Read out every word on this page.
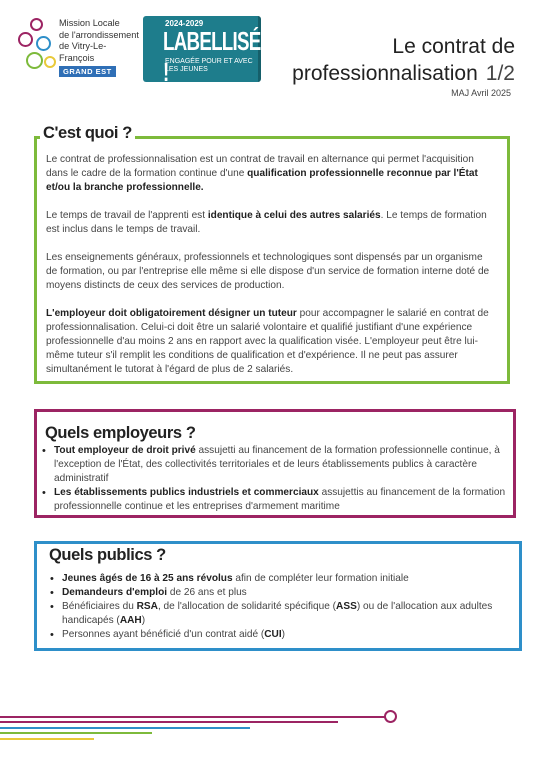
Mission Locale
de l'arrondissement
de Vitry-Le-François
GRAND EST
2024-2029
LABELLISÉE !
ENGAGÉE POUR ET AVEC
LES JEUNES
Le contrat de
professionnalisation 1/2
MAJ Avril 2025
C'est quoi ?

Le contrat de professionnalisation est un contrat de travail en alternance qui permet l'acquisition dans le cadre de la formation continue d'une qualification professionnelle reconnue par l'État et/ou la branche professionnelle.

Le temps de travail de l'apprenti est identique à celui des autres salariés. Le temps de formation est inclus dans le temps de travail.

Les enseignements généraux, professionnels et technologiques sont dispensés par un organisme de formation, ou par l'entreprise elle même si elle dispose d'un service de formation interne doté de moyens distincts de ceux des services de production.

L'employeur doit obligatoirement désigner un tuteur pour accompagner le salarié en contrat de professionnalisation. Celui-ci doit être un salarié volontaire et qualifié justifiant d'une expérience professionnelle d'au moins 2 ans en rapport avec la qualification visée. L'employeur peut être lui-même tuteur s'il remplit les conditions de qualification et d'expérience. Il ne peut pas assurer simultanément le tutorat à l'égard de plus de 2 salariés.

Quels employeurs ?
• Tout employeur de droit privé assujetti au financement de la formation professionnelle continue, à l'exception de l'État, des collectivités territoriales et de leurs établissements publics à caractère administratif
• Les établissements publics industriels et commerciaux assujettis au financement de la formation professionnelle continue et les entreprises d'armement maritime
Quels publics ?
• Jeunes âgés de 16 à 25 ans révolus afin de compléter leur formation initiale
• Demandeurs d'emploi de 26 ans et plus
• Bénéficiaires du RSA, de l'allocation de solidarité spécifique (ASS) ou de l'allocation aux adultes handicapés (AAH)
• Personnes ayant bénéficié d'un contrat aidé (CUI)
